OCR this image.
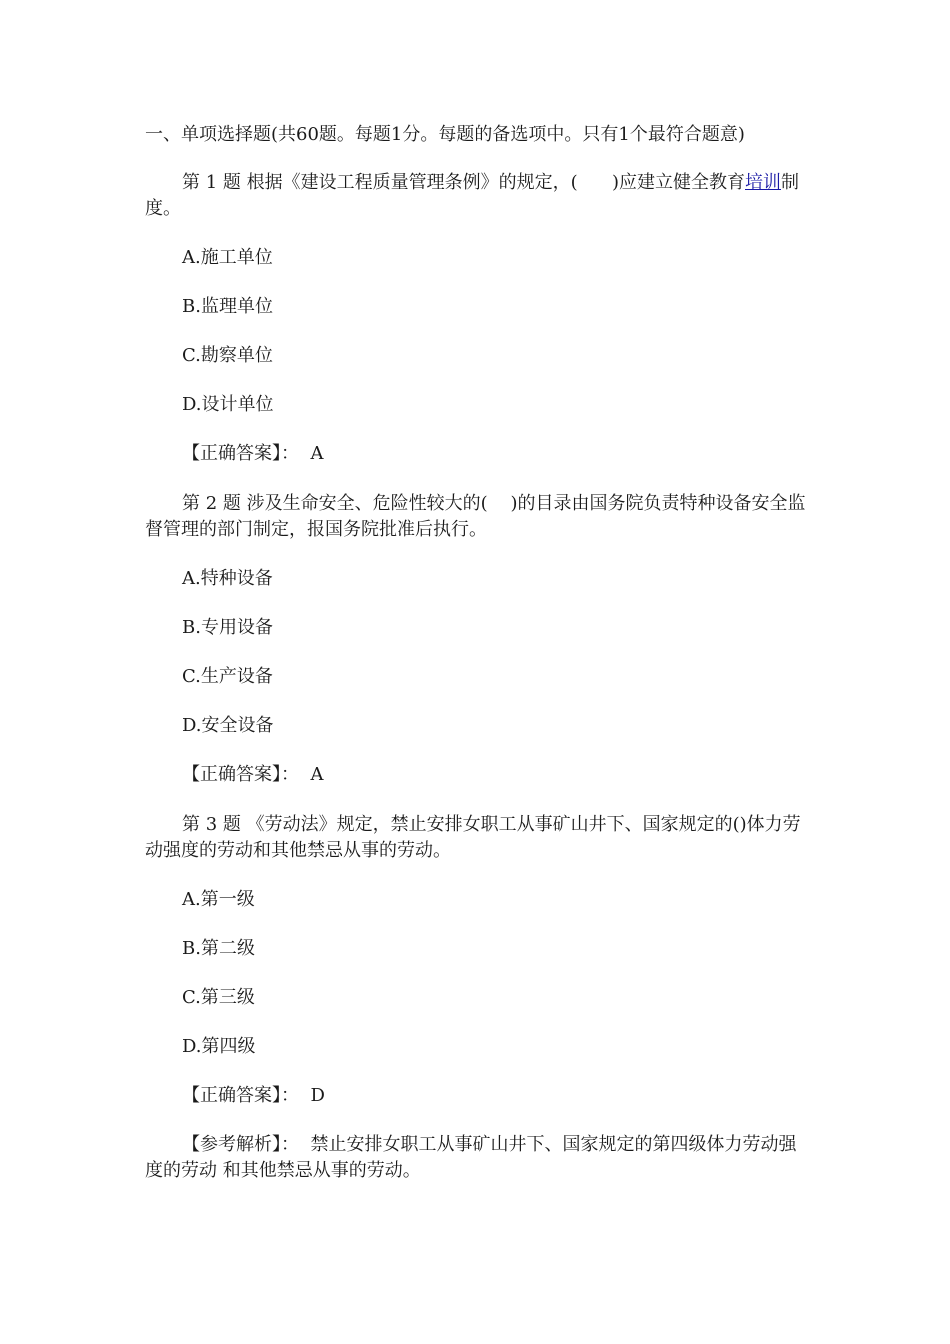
一、单项选择题(共60题。每题1分。每题的备选项中。只有1个最符合题意)

第 1 题 根据《建设工程质量管理条例》的规定，(      )应建立健全教育培训制度。

A.施工单位

B.监理单位

C.勘察单位

D.设计单位

【正确答案】： A

第 2 题 涉及生命安全、危险性较大的(    )的目录由国务院负责特种设备安全监督管理的部门制定，报国务院批准后执行。

A.特种设备

B.专用设备

C.生产设备

D.安全设备

【正确答案】： A

第 3 题 《劳动法》规定，禁止安排女职工从事矿山井下、国家规定的()体力劳动强度的劳动和其他禁忌从事的劳动。

A.第一级

B.第二级

C.第三级

D.第四级

【正确答案】： D

【参考解析】： 禁止安排女职工从事矿山井下、国家规定的第四级体力劳动强度的劳动 和其他禁忌从事的劳动。
